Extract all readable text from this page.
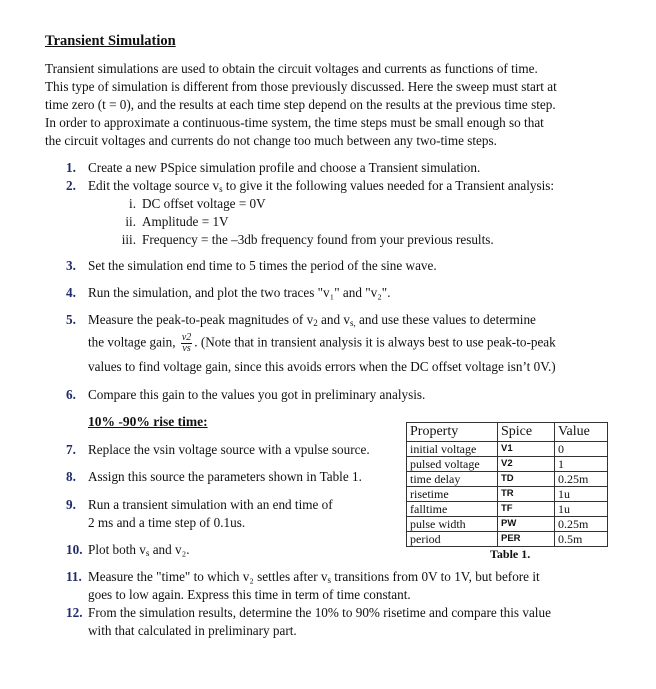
Transient Simulation
Transient simulations are used to obtain the circuit voltages and currents as functions of time.
This type of simulation is different from those previously discussed. Here the sweep must start at
time zero (t = 0), and the results at each time step depend on the results at the previous time step.
In order to approximate a continuous-time system, the time steps must be small enough so that
the circuit voltages and currents do not change too much between any two-time steps.
1. Create a new PSpice simulation profile and choose a Transient simulation.
2. Edit the voltage source $v_s$ to give it the following values needed for a Transient analysis:
i. DC offset voltage = 0V
ii. Amplitude = 1V
iii. Frequency = the –3db frequency found from your previous results.
3. Set the simulation end time to 5 times the period of the sine wave.
4. Run the simulation, and plot the two traces "v₁" and "v₂".
5. Measure the peak-to-peak magnitudes of $v_2$ and $v_{s,}$ and use these values to determine
the voltage gain, $\frac{v2}{vs}$ . (Note that in transient analysis it is always best to use peak-to-peak
values to find voltage gain, since this avoids errors when the DC offset voltage isn’t 0V.)
6. Compare this gain to the values you got in preliminary analysis.
10% -90% rise time:
7. Replace the vsin voltage source with a vpulse source.
8. Assign this source the parameters shown in Table 1.
9. Run a transient simulation with an end time of
2 ms and a time step of 0.1us.
10. Plot both $v_s$ and v₂.
11. Measure the "time" to which v₂ settles after $v_s$ transitions from 0V to 1V, but before it
goes to low again. Express this time in term of time constant.
12. From the simulation results, determine the 10% to 90% risetime and compare this value
with that calculated in preliminary part.
Property	Spice	Value
initial voltage	V1	0
pulsed voltage	V2	1
time delay	TD	0.25m
risetime	TR	1u
falltime	TF	1u
pulse width	PW	0.25m
period	PER	0.5m
Table 1.
